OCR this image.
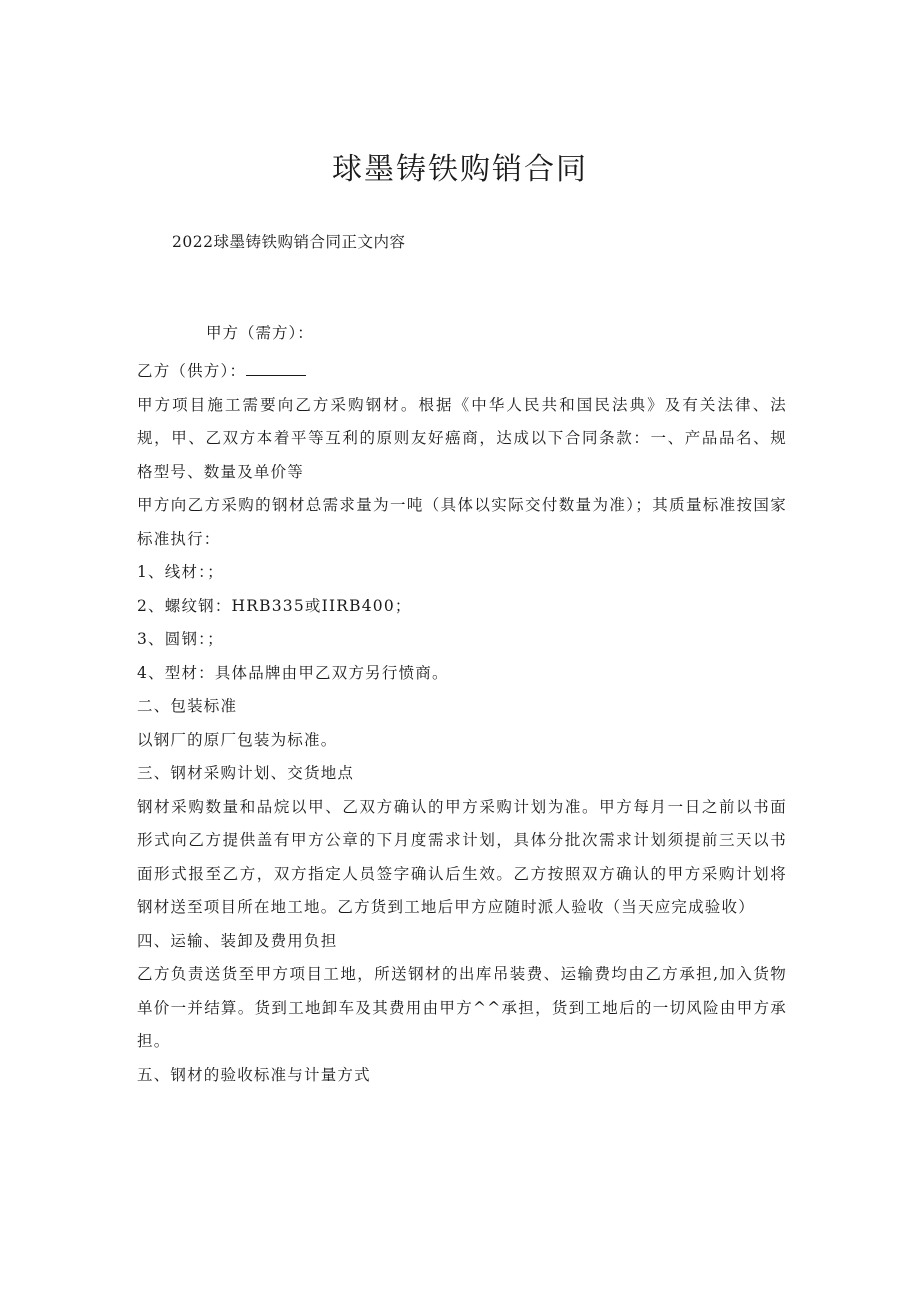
球墨铸铁购销合同
2022球墨铸铁购销合同正文内容
甲方（需方）：

乙方（供方）：

甲方项目施工需要向乙方采购钢材。根据《中华人民共和国民法典》及有关法律、法规，甲、乙双方本着平等互利的原则友好癌商，达成以下合同条款：一、产品品名、规格型号、数量及单价等

甲方向乙方采购的钢材总需求量为一吨（具体以实际交付数量为准）；其质量标准按国家标准执行：

1、线材：；

2、螺纹钢：HRB335或IIRB400；

3、圆钢：；

4、型材：具体品牌由甲乙双方另行愤商。

二、包装标准

以钢厂的原厂包装为标准。

三、钢材采购计划、交货地点

钢材采购数量和品烷以甲、乙双方确认的甲方采购计划为准。甲方每月一日之前以书面形式向乙方提供盖有甲方公章的下月度需求计划，具体分批次需求计划须提前三天以书面形式报至乙方，双方指定人员签字确认后生效。乙方按照双方确认的甲方采购计划将钢材送至项目所在地工地。乙方货到工地后甲方应随时派人验收（当天应完成验收）

四、运输、装卸及费用负担

乙方负责送货至甲方项目工地，所送钢材的出库吊装费、运输费均由乙方承担,加入货物单价一并结算。货到工地卸车及其费用由甲方^^承担，货到工地后的一切风险由甲方承担。

五、钢材的验收标准与计量方式
